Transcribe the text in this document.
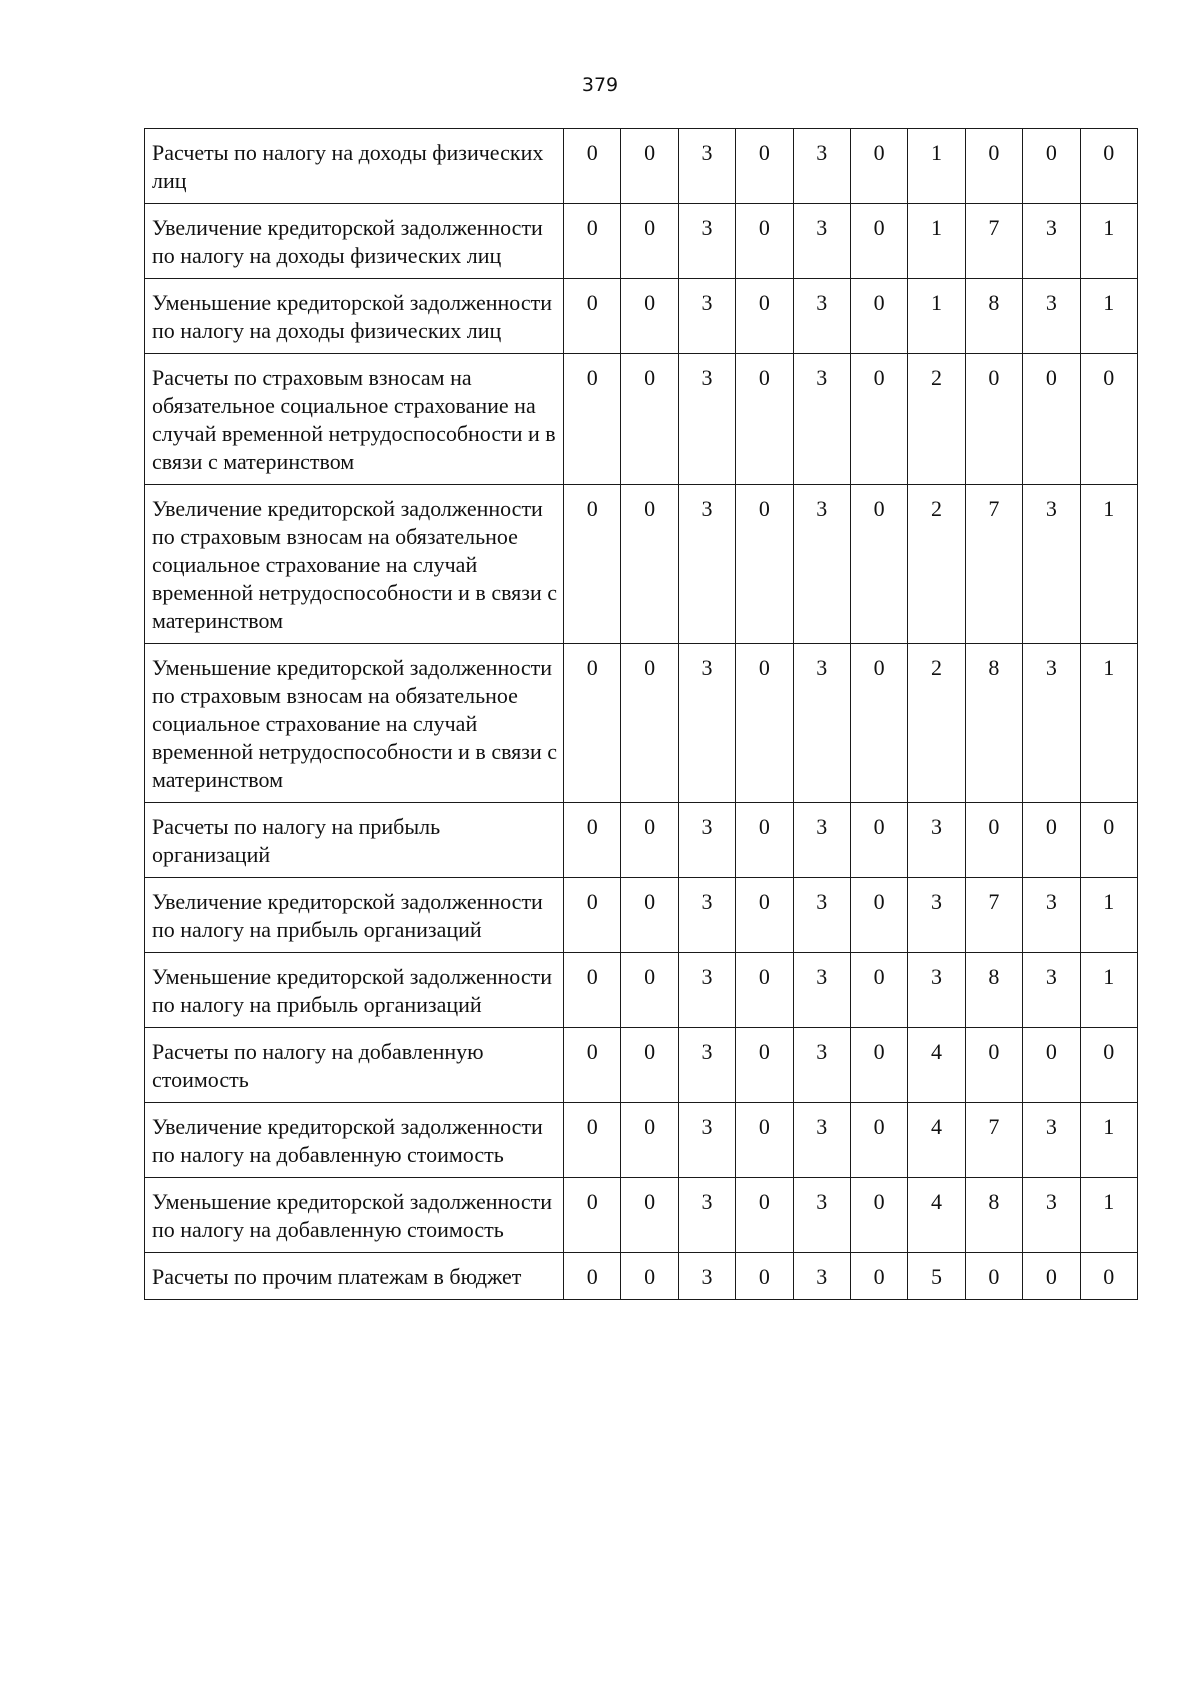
379
Расчеты по налогу на доходы физических лиц	0	0	3	0	3	0	1	0	0	0
Увеличение кредиторской задолженности по налогу на доходы физических лиц	0	0	3	0	3	0	1	7	3	1
Уменьшение кредиторской задолженности по налогу на доходы физических лиц	0	0	3	0	3	0	1	8	3	1
Расчеты по страховым взносам на обязательное социальное страхование на случай временной нетрудоспособности и в связи с материнством	0	0	3	0	3	0	2	0	0	0
Увеличение кредиторской задолженности по страховым взносам на обязательное социальное страхование на случай временной нетрудоспособности и в связи с материнством	0	0	3	0	3	0	2	7	3	1
Уменьшение кредиторской задолженности по страховым взносам на обязательное социальное страхование на случай временной нетрудоспособности и в связи с материнством	0	0	3	0	3	0	2	8	3	1
Расчеты по налогу на прибыль организаций	0	0	3	0	3	0	3	0	0	0
Увеличение кредиторской задолженности по налогу на прибыль организаций	0	0	3	0	3	0	3	7	3	1
Уменьшение кредиторской задолженности по налогу на прибыль организаций	0	0	3	0	3	0	3	8	3	1
Расчеты по налогу на добавленную стоимость	0	0	3	0	3	0	4	0	0	0
Увеличение кредиторской задолженности по налогу на добавленную стоимость	0	0	3	0	3	0	4	7	3	1
Уменьшение кредиторской задолженности по налогу на добавленную стоимость	0	0	3	0	3	0	4	8	3	1
Расчеты по прочим платежам в бюджет	0	0	3	0	3	0	5	0	0	0
